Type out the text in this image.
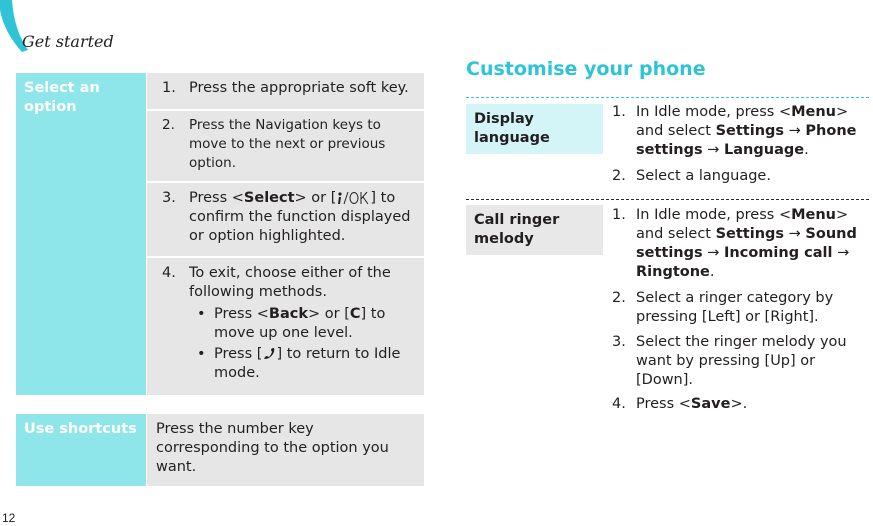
Get started
12
Customise your phone
Select an option
1. Press the appropriate soft key.
2. Press the Navigation keys to
move to the next or previous
option.
3. Press <Select> or [ ] to
confirm the function displayed
or option highlighted.
4. To exit, choose either of the
following methods.
• Press <Back> or [C] to
move up one level.
• Press [ ] to return to Idle
mode.
Use shortcuts	Press the number key
corresponding to the option you
want.
Display
language
1. In Idle mode, press <Menu>
and select Settings → Phone
settings → Language.
2. Select a language.
Call ringer
melody
1. In Idle mode, press <Menu>
and select Settings → Sound
settings → Incoming call →
Ringtone.
2. Select a ringer category by
pressing [Left] or [Right].
3. Select the ringer melody you
want by pressing [Up] or
[Down].
4. Press <Save>.
